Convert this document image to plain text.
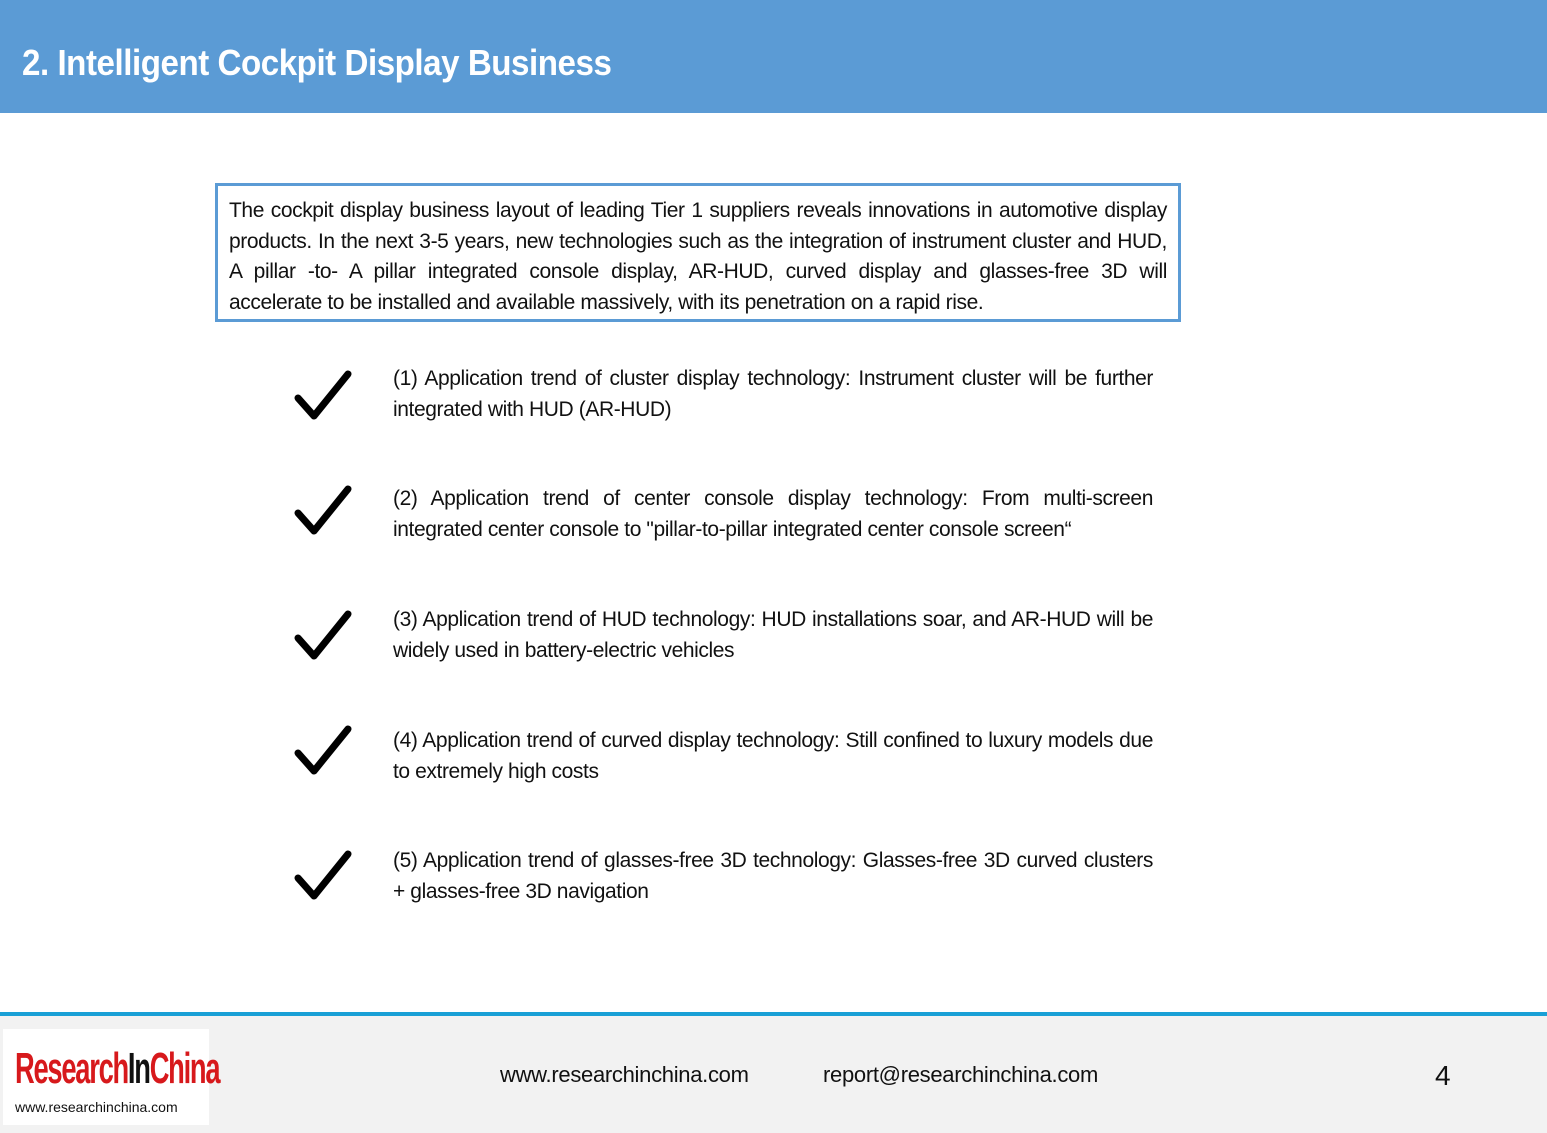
2. Intelligent Cockpit Display Business

The cockpit display business layout of leading Tier 1 suppliers reveals innovations in automotive display products. In the next 3-5 years, new technologies such as the integration of instrument cluster and HUD, A pillar -to- A pillar integrated console display, AR-HUD, curved display and glasses-free 3D will accelerate to be installed and available massively, with its penetration on a rapid rise.

(1) Application trend of cluster display technology: Instrument cluster will be further integrated with HUD (AR-HUD)

(2) Application trend of center console display technology: From multi-screen integrated center console to "pillar-to-pillar integrated center console screen“

(3) Application trend of HUD technology: HUD installations soar, and AR-HUD will be widely used in battery-electric vehicles

(4) Application trend of curved display technology: Still confined to luxury models due to extremely high costs

(5) Application trend of glasses-free 3D technology: Glasses-free 3D curved clusters + glasses-free 3D navigation

ResearchInChina
www.researchinchina.com
www.researchinchina.com	report@researchinchina.com	4
